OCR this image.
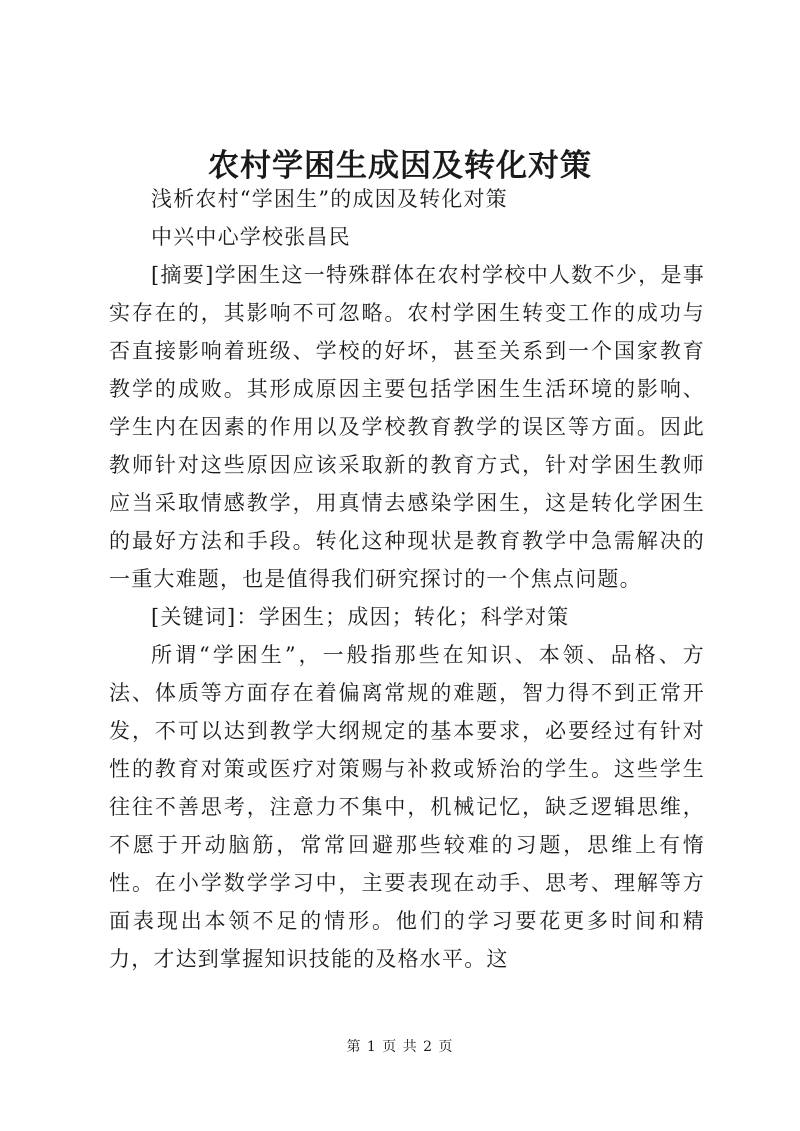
农村学困生成因及转化对策

浅析农村“学困生”的成因及转化对策

中兴中心学校张昌民

[摘要]学困生这一特殊群体在农村学校中人数不少，是事实存在的，其影响不可忽略。农村学困生转变工作的成功与否直接影响着班级、学校的好坏，甚至关系到一个国家教育教学的成败。其形成原因主要包括学困生生活环境的影响、学生内在因素的作用以及学校教育教学的误区等方面。因此教师针对这些原因应该采取新的教育方式，针对学困生教师应当采取情感教学，用真情去感染学困生，这是转化学困生的最好方法和手段。转化这种现状是教育教学中急需解决的一重大难题，也是值得我们研究探讨的一个焦点问题。

[关键词]：学困生；成因；转化；科学对策

所谓“学困生”，一般指那些在知识、本领、品格、方法、体质等方面存在着偏离常规的难题，智力得不到正常开发，不可以达到教学大纲规定的基本要求，必要经过有针对性的教育对策或医疗对策赐与补救或矫治的学生。这些学生往往不善思考，注意力不集中，机械记忆，缺乏逻辑思维，不愿于开动脑筋，常常回避那些较难的习题，思维上有惰性。在小学数学学习中，主要表现在动手、思考、理解等方面表现出本领不足的情形。他们的学习要花更多时间和精力，才达到掌握知识技能的及格水平。这

第 1 页 共 2 页
